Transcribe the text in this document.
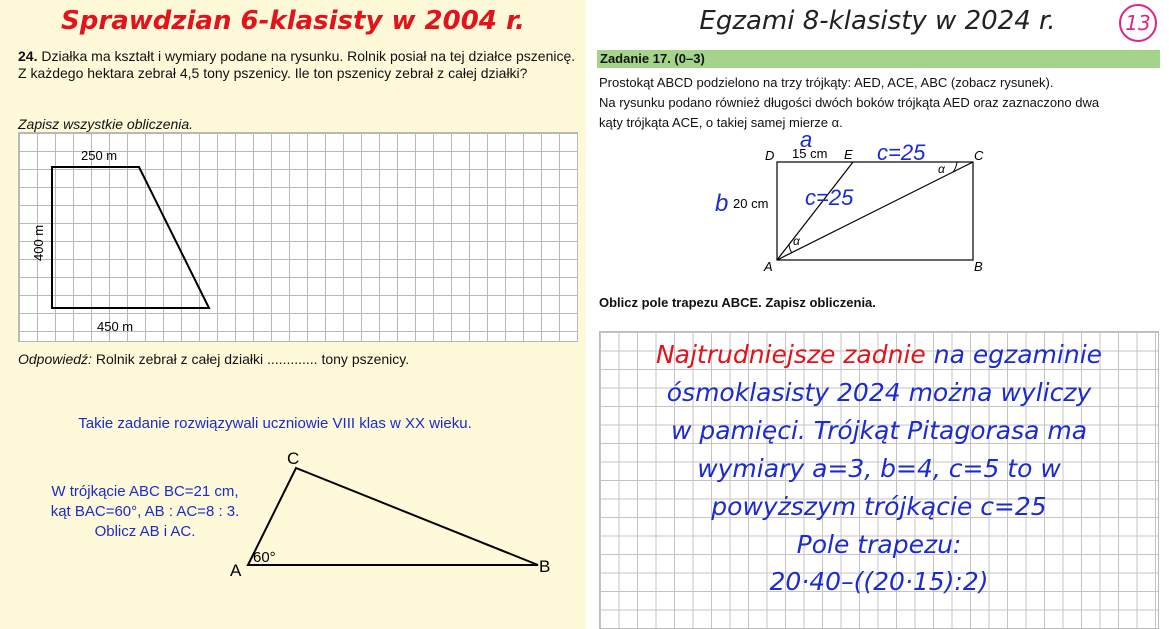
Sprawdzian 6-klasisty w 2004 r.
24. Działka ma kształt i wymiary podane na rysunku. Rolnik posiał na tej działce pszenicę. Z każdego hektara zebrał 4,5 tony pszenicy. Ile ton pszenicy zebrał z całej działki?
Zapisz wszystkie obliczenia.
250 m
450 m
400 m
Odpowiedź: Rolnik zebrał z całej działki ............. tony pszenicy.
Takie zadanie rozwiązywali uczniowie VIII klas w XX wieku.
W trójkącie ABC BC=21 cm,
kąt BAC=60°, AB : AC=8 : 3.
Oblicz AB i AC.
A	B
C
60°
Egzami 8-klasisty w 2024 r.	13
Zadanie 17. (0–3)
Prostokąt ABCD podzielono na trzy trójkąty: AED, ACE, ABC (zobacz rysunek).
Na rysunku podano również długości dwóch boków trójkąta AED oraz zaznaczono dwa
kąty trójkąta ACE, o takiej samej mierze α.
D	E	C
A	B
15 cm
20 cm
α
α
a
b
c=25
c=25
Oblicz pole trapezu ABCE. Zapisz obliczenia.
Najtrudniejsze zadnie na egzaminie
ósmoklasisty 2024 można wyliczy
w pamięci. Trójkąt Pitagorasa ma
wymiary a=3, b=4, c=5 to w
powyższym trójkącie c=25
Pole trapezu:
20·40–((20·15):2)
